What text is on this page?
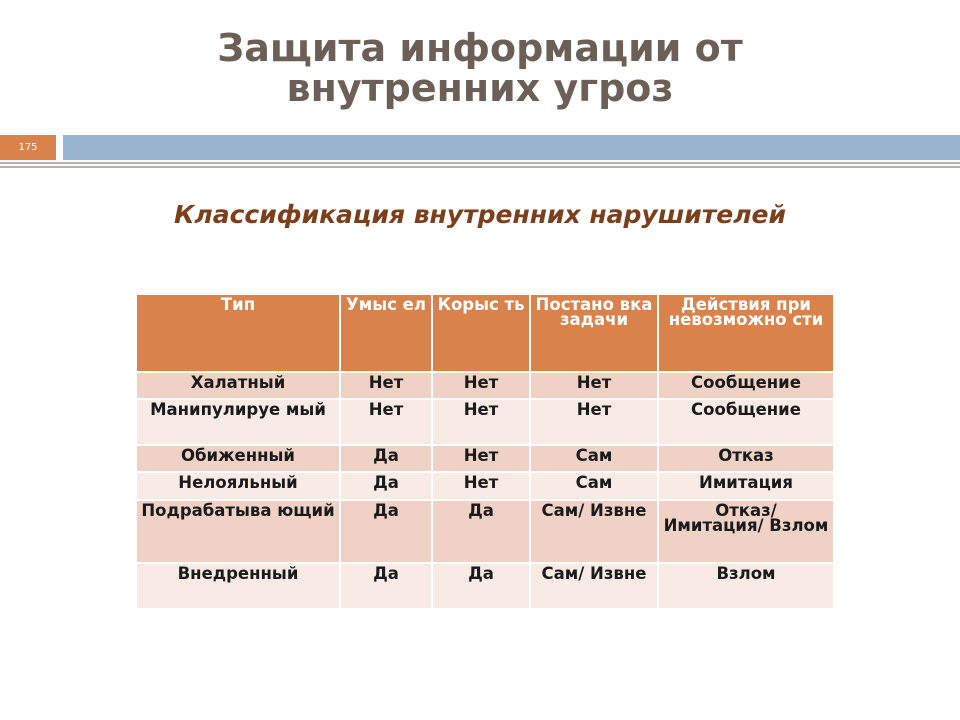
Защита информации от
внутренних угроз
175
Классификация внутренних нарушителей
Тип	Умыс ел	Корыс ть	Постано вка задачи	Действия при невозможно сти
Халатный	Нет	Нет	Нет	Сообщение
Манипулируе мый	Нет	Нет	Нет	Сообщение
Обиженный	Да	Нет	Сам	Отказ
Нелояльный	Да	Нет	Сам	Имитация
Подрабатыва ющий	Да	Да	Сам/ Извне	Отказ/ Имитация/ Взлом
Внедренный	Да	Да	Сам/ Извне	Взлом
